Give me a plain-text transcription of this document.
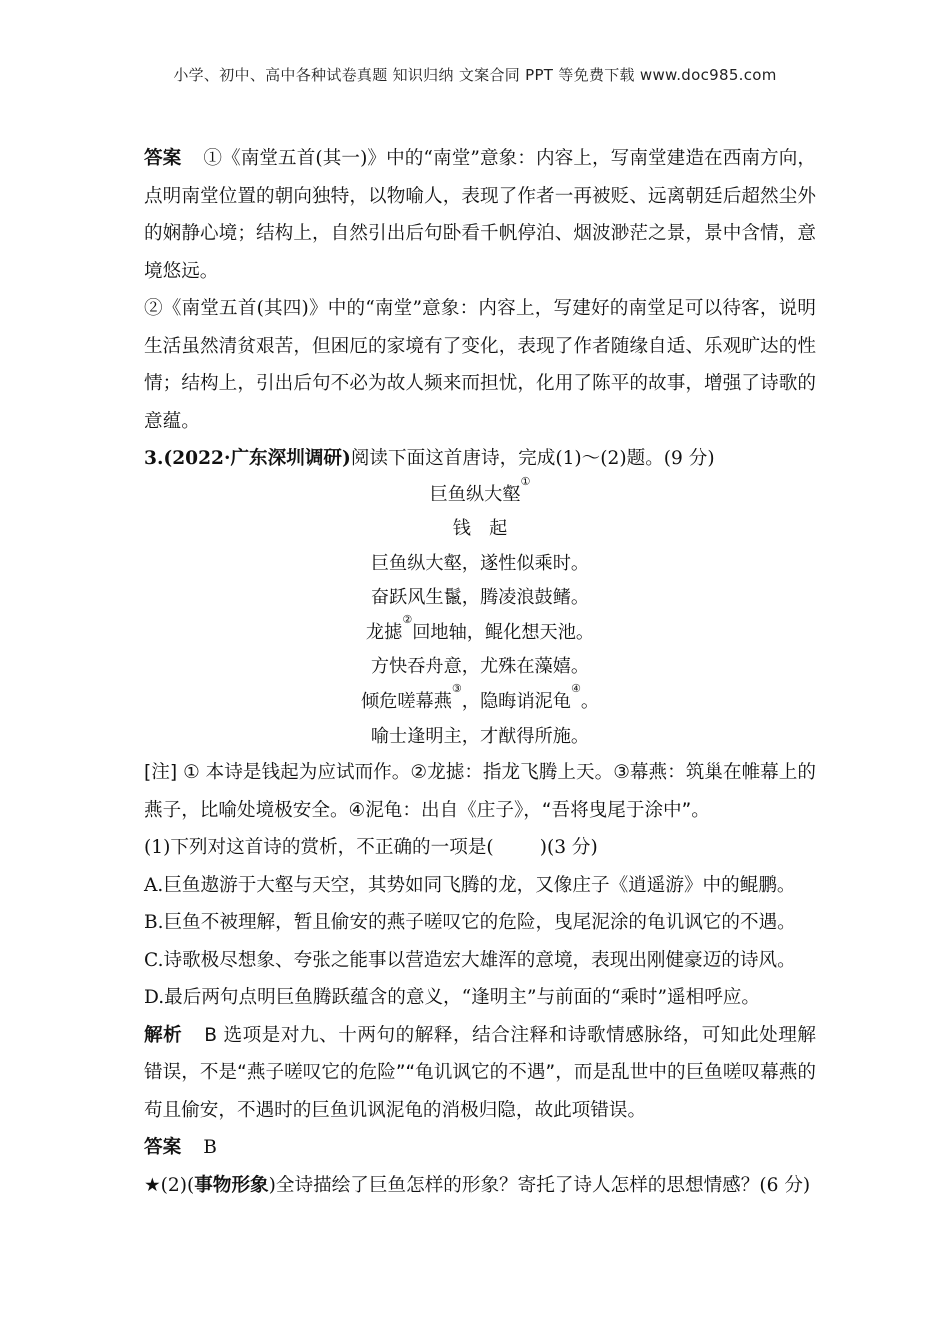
小学、初中、高中各种试卷真题 知识归纳 文案合同 PPT 等免费下载 www.doc985.com

答案 ①《南堂五首(其一)》中的“南堂”意象：内容上，写南堂建造在西南方向，点明南堂位置的朝向独特，以物喻人，表现了作者一再被贬、远离朝廷后超然尘外的娴静心境；结构上，自然引出后句卧看千帆停泊、烟波渺茫之景，景中含情，意境悠远。

②《南堂五首(其四)》中的“南堂”意象：内容上，写建好的南堂足可以待客，说明生活虽然清贫艰苦，但困厄的家境有了变化，表现了作者随缘自适、乐观旷达的性情；结构上，引出后句不必为故人频来而担忧，化用了陈平的故事，增强了诗歌的意蕴。

3.(2022·广东深圳调研)阅读下面这首唐诗，完成(1)～(2)题。(9 分)

巨鱼纵大壑①

钱　起

巨鱼纵大壑，遂性似乘时。

奋跃风生鬣，腾凌浪鼓鳍。

龙摅②回地轴，鲲化想天池。

方快吞舟意，尤殊在藻嬉。

倾危嗟幕燕③，隐晦诮泥龟④。

喻士逢明主，才猷得所施。

[注] ① 本诗是钱起为应试而作。②龙摅：指龙飞腾上天。③幕燕：筑巢在帷幕上的燕子，比喻处境极安全。④泥龟：出自《庄子》，“吾将曳尾于涂中”。

(1)下列对这首诗的赏析，不正确的一项是( )(3 分)

A.巨鱼遨游于大壑与天空，其势如同飞腾的龙，又像庄子《逍遥游》中的鲲鹏。

B.巨鱼不被理解，暂且偷安的燕子嗟叹它的危险，曳尾泥涂的龟讥讽它的不遇。

C.诗歌极尽想象、夸张之能事以营造宏大雄浑的意境，表现出刚健豪迈的诗风。

D.最后两句点明巨鱼腾跃蕴含的意义，“逢明主”与前面的“乘时”遥相呼应。

解析 B 选项是对九、十两句的解释，结合注释和诗歌情感脉络，可知此处理解错误，不是“燕子嗟叹它的危险”“龟讥讽它的不遇”，而是乱世中的巨鱼嗟叹幕燕的苟且偷安，不遇时的巨鱼讥讽泥龟的消极归隐，故此项错误。

答案 B

★(2)(事物形象)全诗描绘了巨鱼怎样的形象？寄托了诗人怎样的思想情感？(6 分)
